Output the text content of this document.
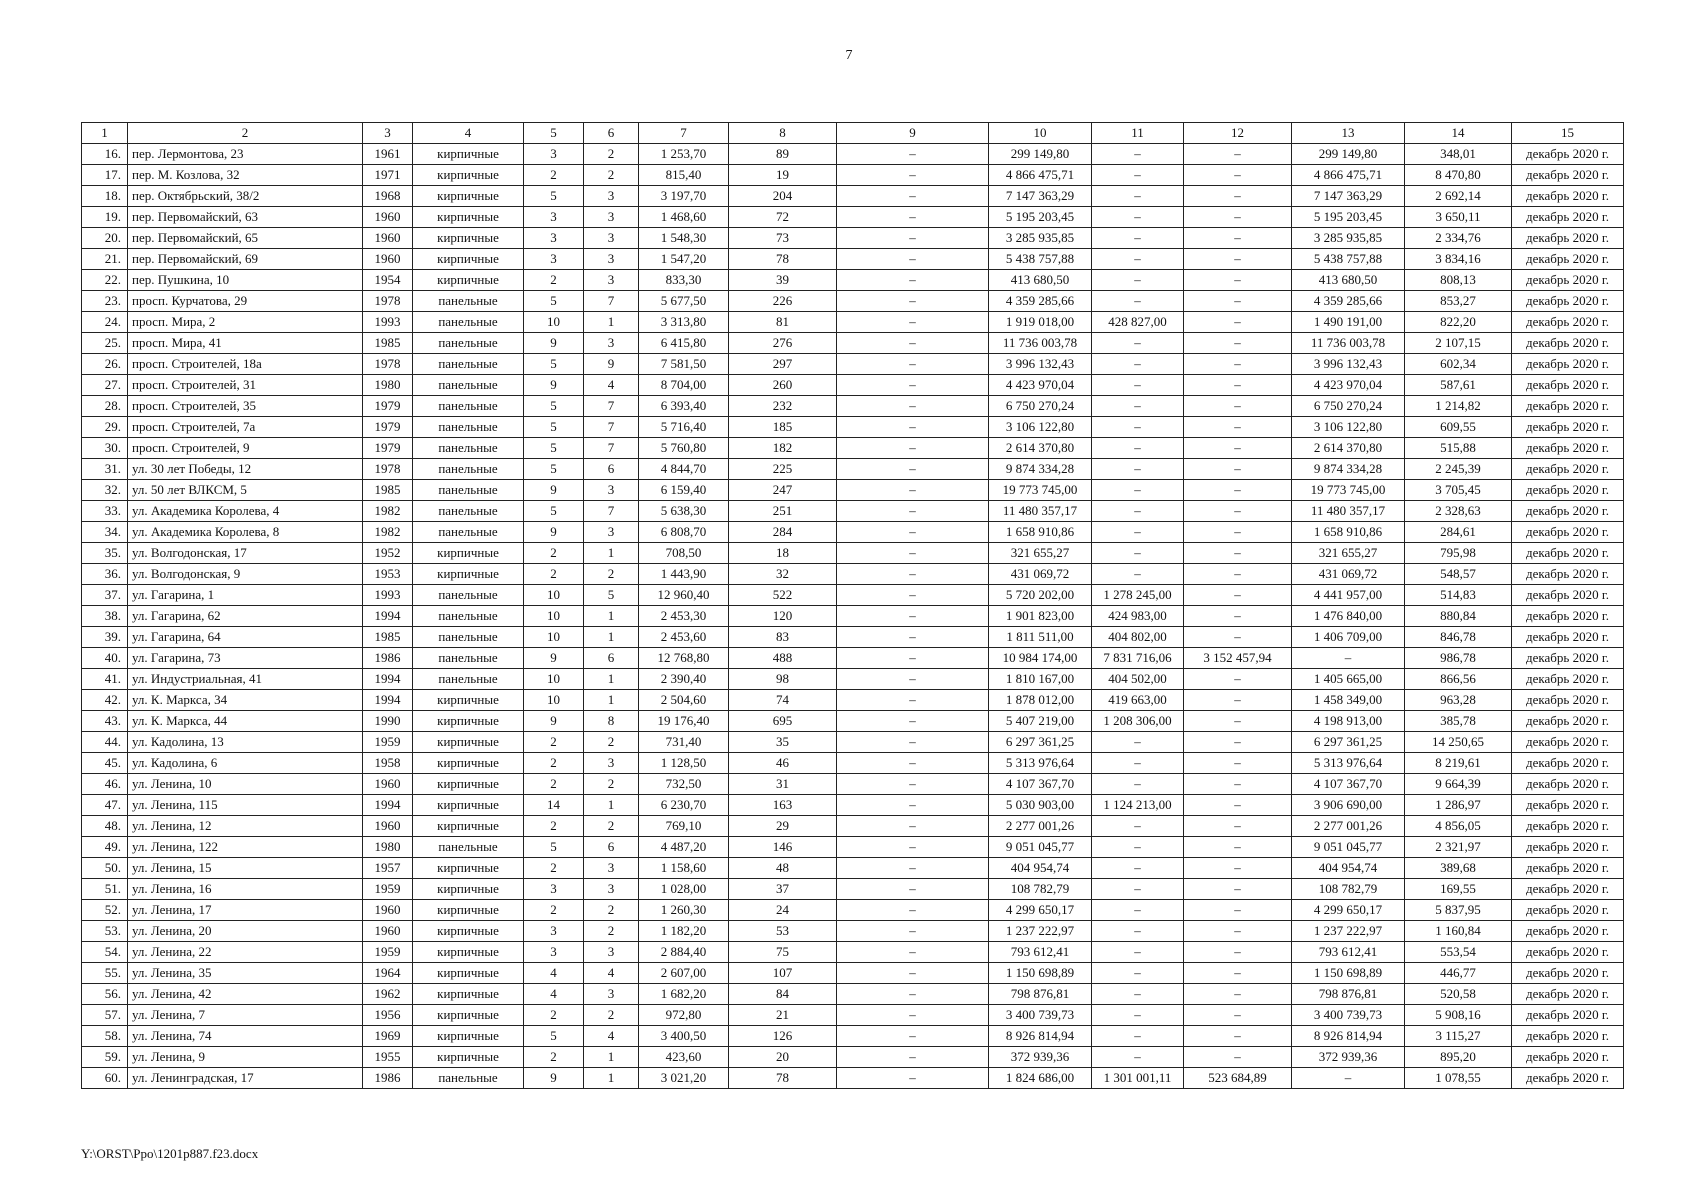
7
1	2	3	4	5	6	7	8	9	10	11	12	13	14	15
16.	пер. Лермонтова, 23	1961	кирпичные	3	2	1 253,70	89	–	299 149,80	–	–	299 149,80	348,01	декабрь 2020 г.
17.	пер. М. Козлова, 32	1971	кирпичные	2	2	815,40	19	–	4 866 475,71	–	–	4 866 475,71	8 470,80	декабрь 2020 г.
18.	пер. Октябрьский, 38/2	1968	кирпичные	5	3	3 197,70	204	–	7 147 363,29	–	–	7 147 363,29	2 692,14	декабрь 2020 г.
19.	пер. Первомайский, 63	1960	кирпичные	3	3	1 468,60	72	–	5 195 203,45	–	–	5 195 203,45	3 650,11	декабрь 2020 г.
20.	пер. Первомайский, 65	1960	кирпичные	3	3	1 548,30	73	–	3 285 935,85	–	–	3 285 935,85	2 334,76	декабрь 2020 г.
21.	пер. Первомайский, 69	1960	кирпичные	3	3	1 547,20	78	–	5 438 757,88	–	–	5 438 757,88	3 834,16	декабрь 2020 г.
22.	пер. Пушкина, 10	1954	кирпичные	2	3	833,30	39	–	413 680,50	–	–	413 680,50	808,13	декабрь 2020 г.
23.	просп. Курчатова, 29	1978	панельные	5	7	5 677,50	226	–	4 359 285,66	–	–	4 359 285,66	853,27	декабрь 2020 г.
24.	просп. Мира, 2	1993	панельные	10	1	3 313,80	81	–	1 919 018,00	428 827,00	–	1 490 191,00	822,20	декабрь 2020 г.
25.	просп. Мира, 41	1985	панельные	9	3	6 415,80	276	–	11 736 003,78	–	–	11 736 003,78	2 107,15	декабрь 2020 г.
26.	просп. Строителей, 18а	1978	панельные	5	9	7 581,50	297	–	3 996 132,43	–	–	3 996 132,43	602,34	декабрь 2020 г.
27.	просп. Строителей, 31	1980	панельные	9	4	8 704,00	260	–	4 423 970,04	–	–	4 423 970,04	587,61	декабрь 2020 г.
28.	просп. Строителей, 35	1979	панельные	5	7	6 393,40	232	–	6 750 270,24	–	–	6 750 270,24	1 214,82	декабрь 2020 г.
29.	просп. Строителей, 7а	1979	панельные	5	7	5 716,40	185	–	3 106 122,80	–	–	3 106 122,80	609,55	декабрь 2020 г.
30.	просп. Строителей, 9	1979	панельные	5	7	5 760,80	182	–	2 614 370,80	–	–	2 614 370,80	515,88	декабрь 2020 г.
31.	ул. 30 лет Победы, 12	1978	панельные	5	6	4 844,70	225	–	9 874 334,28	–	–	9 874 334,28	2 245,39	декабрь 2020 г.
32.	ул. 50 лет ВЛКСМ, 5	1985	панельные	9	3	6 159,40	247	–	19 773 745,00	–	–	19 773 745,00	3 705,45	декабрь 2020 г.
33.	ул. Академика Королева, 4	1982	панельные	5	7	5 638,30	251	–	11 480 357,17	–	–	11 480 357,17	2 328,63	декабрь 2020 г.
34.	ул. Академика Королева, 8	1982	панельные	9	3	6 808,70	284	–	1 658 910,86	–	–	1 658 910,86	284,61	декабрь 2020 г.
35.	ул. Волгодонская, 17	1952	кирпичные	2	1	708,50	18	–	321 655,27	–	–	321 655,27	795,98	декабрь 2020 г.
36.	ул. Волгодонская, 9	1953	кирпичные	2	2	1 443,90	32	–	431 069,72	–	–	431 069,72	548,57	декабрь 2020 г.
37.	ул. Гагарина, 1	1993	панельные	10	5	12 960,40	522	–	5 720 202,00	1 278 245,00	–	4 441 957,00	514,83	декабрь 2020 г.
38.	ул. Гагарина, 62	1994	панельные	10	1	2 453,30	120	–	1 901 823,00	424 983,00	–	1 476 840,00	880,84	декабрь 2020 г.
39.	ул. Гагарина, 64	1985	панельные	10	1	2 453,60	83	–	1 811 511,00	404 802,00	–	1 406 709,00	846,78	декабрь 2020 г.
40.	ул. Гагарина, 73	1986	панельные	9	6	12 768,80	488	–	10 984 174,00	7 831 716,06	3 152 457,94	–	986,78	декабрь 2020 г.
41.	ул. Индустриальная, 41	1994	панельные	10	1	2 390,40	98	–	1 810 167,00	404 502,00	–	1 405 665,00	866,56	декабрь 2020 г.
42.	ул. К. Маркса, 34	1994	кирпичные	10	1	2 504,60	74	–	1 878 012,00	419 663,00	–	1 458 349,00	963,28	декабрь 2020 г.
43.	ул. К. Маркса, 44	1990	кирпичные	9	8	19 176,40	695	–	5 407 219,00	1 208 306,00	–	4 198 913,00	385,78	декабрь 2020 г.
44.	ул. Кадолина, 13	1959	кирпичные	2	2	731,40	35	–	6 297 361,25	–	–	6 297 361,25	14 250,65	декабрь 2020 г.
45.	ул. Кадолина, 6	1958	кирпичные	2	3	1 128,50	46	–	5 313 976,64	–	–	5 313 976,64	8 219,61	декабрь 2020 г.
46.	ул. Ленина, 10	1960	кирпичные	2	2	732,50	31	–	4 107 367,70	–	–	4 107 367,70	9 664,39	декабрь 2020 г.
47.	ул. Ленина, 115	1994	кирпичные	14	1	6 230,70	163	–	5 030 903,00	1 124 213,00	–	3 906 690,00	1 286,97	декабрь 2020 г.
48.	ул. Ленина, 12	1960	кирпичные	2	2	769,10	29	–	2 277 001,26	–	–	2 277 001,26	4 856,05	декабрь 2020 г.
49.	ул. Ленина, 122	1980	панельные	5	6	4 487,20	146	–	9 051 045,77	–	–	9 051 045,77	2 321,97	декабрь 2020 г.
50.	ул. Ленина, 15	1957	кирпичные	2	3	1 158,60	48	–	404 954,74	–	–	404 954,74	389,68	декабрь 2020 г.
51.	ул. Ленина, 16	1959	кирпичные	3	3	1 028,00	37	–	108 782,79	–	–	108 782,79	169,55	декабрь 2020 г.
52.	ул. Ленина, 17	1960	кирпичные	2	2	1 260,30	24	–	4 299 650,17	–	–	4 299 650,17	5 837,95	декабрь 2020 г.
53.	ул. Ленина, 20	1960	кирпичные	3	2	1 182,20	53	–	1 237 222,97	–	–	1 237 222,97	1 160,84	декабрь 2020 г.
54.	ул. Ленина, 22	1959	кирпичные	3	3	2 884,40	75	–	793 612,41	–	–	793 612,41	553,54	декабрь 2020 г.
55.	ул. Ленина, 35	1964	кирпичные	4	4	2 607,00	107	–	1 150 698,89	–	–	1 150 698,89	446,77	декабрь 2020 г.
56.	ул. Ленина, 42	1962	кирпичные	4	3	1 682,20	84	–	798 876,81	–	–	798 876,81	520,58	декабрь 2020 г.
57.	ул. Ленина, 7	1956	кирпичные	2	2	972,80	21	–	3 400 739,73	–	–	3 400 739,73	5 908,16	декабрь 2020 г.
58.	ул. Ленина, 74	1969	кирпичные	5	4	3 400,50	126	–	8 926 814,94	–	–	8 926 814,94	3 115,27	декабрь 2020 г.
59.	ул. Ленина, 9	1955	кирпичные	2	1	423,60	20	–	372 939,36	–	–	372 939,36	895,20	декабрь 2020 г.
60.	ул. Ленинградская, 17	1986	панельные	9	1	3 021,20	78	–	1 824 686,00	1 301 001,11	523 684,89	–	1 078,55	декабрь 2020 г.
Y:\ORST\Ppo\1201p887.f23.docx
